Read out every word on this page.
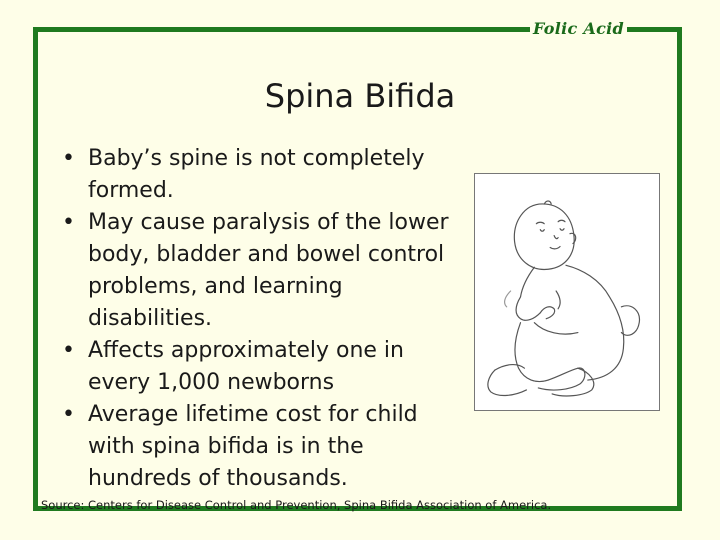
Folic Acid
Spina Bifida
• Baby’s spine is not completely formed.
• May cause paralysis of the lower body, bladder and bowel control problems, and learning disabilities.
• Affects approximately one in every 1,000 newborns
• Average lifetime cost for child with spina bifida is in the hundreds of thousands.
Source: Centers for Disease Control and Prevention, Spina Bifida Association of America.
